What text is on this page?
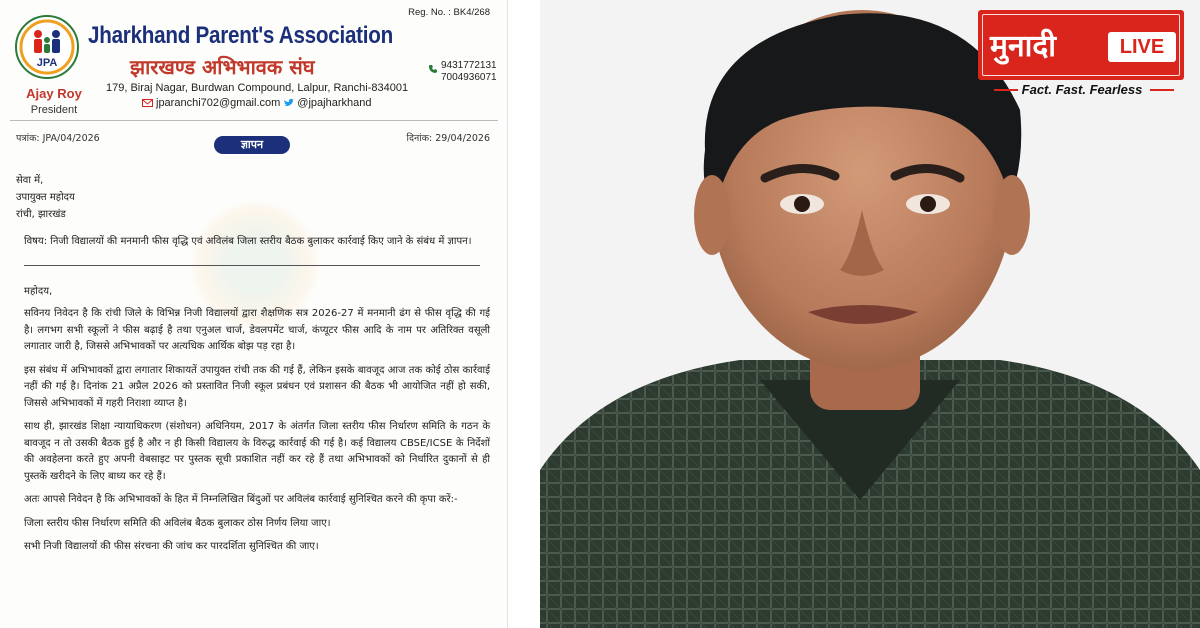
JPA
Ajay Roy
President
Reg. No. : BK4/268
Jharkhand Parent's Association
झारखण्ड अभिभावक संघ	9431772131
7004936071
179, Biraj Nagar, Burdwan Compound, Lalpur, Ranchi-834001
jparanchi702@gmail.com @jpajharkhand
पत्रांक: JPA/04/2026	ज्ञापन	दिनांक: 29/04/2026
सेवा में,
उपायुक्त महोदय
रांची, झारखंड
विषय: निजी विद्यालयों की मनमानी फीस वृद्धि एवं अविलंब जिला स्तरीय बैठक बुलाकर कार्रवाई किए जाने के संबंध में ज्ञापन।
महोदय,

सविनय निवेदन है कि रांची जिले के विभिन्न निजी विद्यालयों द्वारा शैक्षणिक सत्र 2026-27 में मनमानी ढंग से फीस वृद्धि की गई है। लगभग सभी स्कूलों ने फीस बढ़ाई है तथा एनुअल चार्ज, डेवलपमेंट चार्ज, कंप्यूटर फीस आदि के नाम पर अतिरिक्त वसूली लगातार जारी है, जिससे अभिभावकों पर अत्यधिक आर्थिक बोझ पड़ रहा है।

इस संबंध में अभिभावकों द्वारा लगातार शिकायतें उपायुक्त रांची तक की गई हैं, लेकिन इसके बावजूद आज तक कोई ठोस कार्रवाई नहीं की गई है। दिनांक 21 अप्रैल 2026 को प्रस्तावित निजी स्कूल प्रबंधन एवं प्रशासन की बैठक भी आयोजित नहीं हो सकी, जिससे अभिभावकों में गहरी निराशा व्याप्त है।

साथ ही, झारखंड शिक्षा न्यायाधिकरण (संशोधन) अधिनियम, 2017 के अंतर्गत जिला स्तरीय फीस निर्धारण समिति के गठन के बावजूद न तो उसकी बैठक हुई है और न ही किसी विद्यालय के विरुद्ध कार्रवाई की गई है। कई विद्यालय CBSE/ICSE के निर्देशों की अवहेलना करते हुए अपनी वेबसाइट पर पुस्तक सूची प्रकाशित नहीं कर रहे हैं तथा अभिभावकों को निर्धारित दुकानों से ही पुस्तकें खरीदने के लिए बाध्य कर रहे हैं।

अतः आपसे निवेदन है कि अभिभावकों के हित में निम्नलिखित बिंदुओं पर अविलंब कार्रवाई सुनिश्चित करने की कृपा करें:-

जिला स्तरीय फीस निर्धारण समिति की अविलंब बैठक बुलाकर ठोस निर्णय लिया जाए।

सभी निजी विद्यालयों की फीस संरचना की जांच कर पारदर्शिता सुनिश्चित की जाए।

मुनादी	LIVE
Fact. Fast. Fearless
